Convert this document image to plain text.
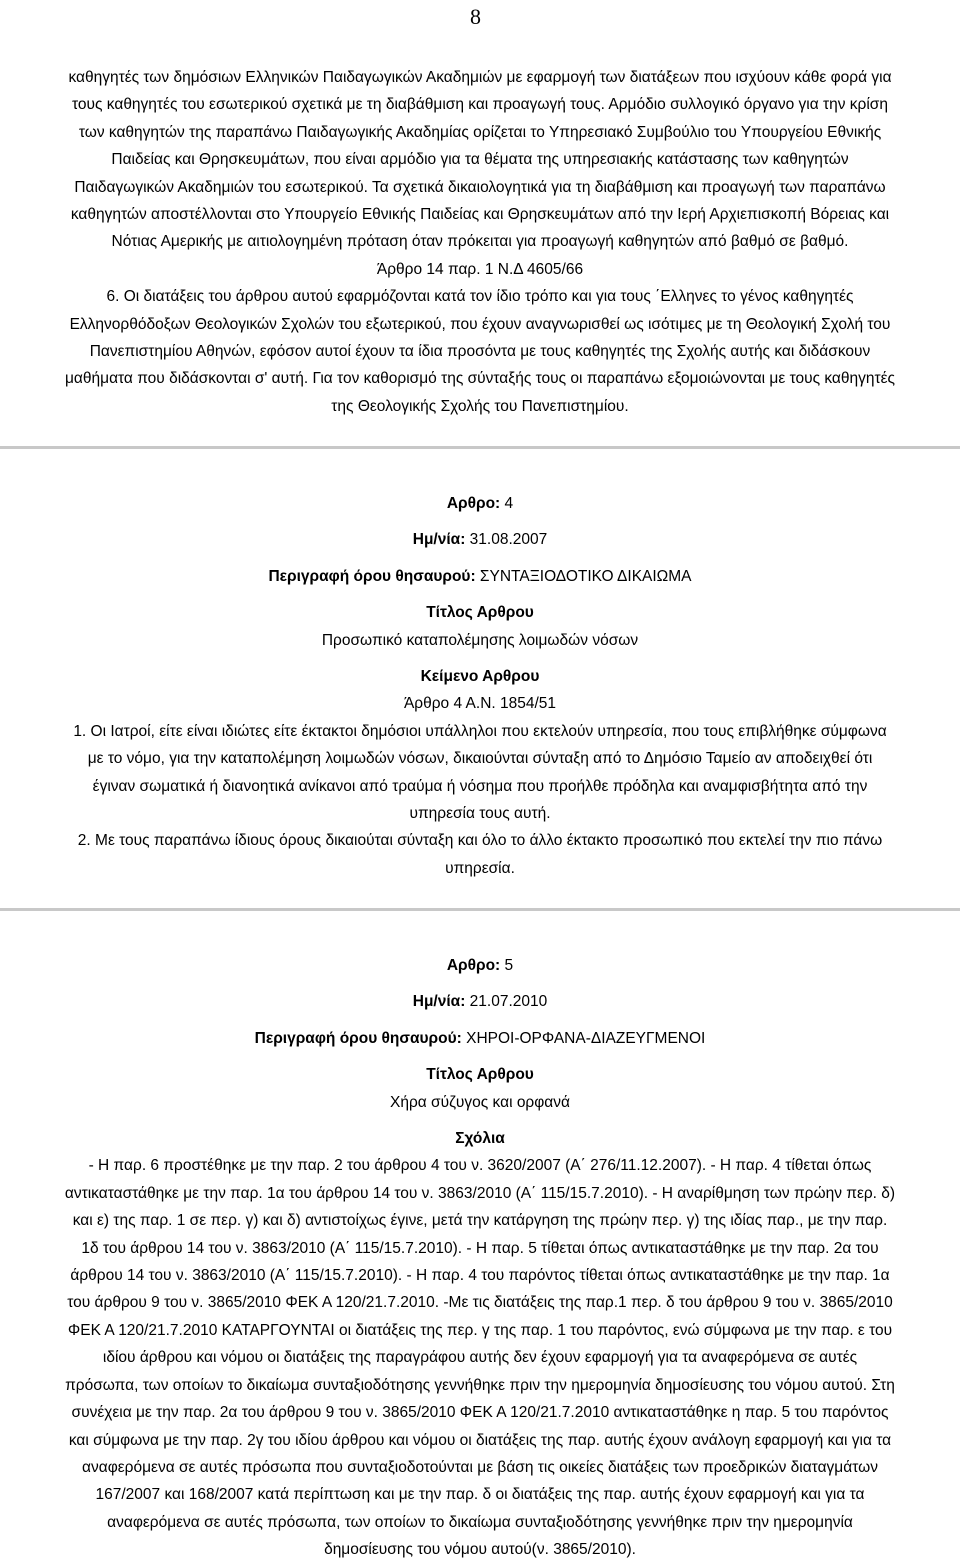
8
καθηγητές των δημόσιων Ελληνικών Παιδαγωγικών Ακαδημιών με εφαρμογή των διατάξεων που ισχύουν κάθε φορά για
τους καθηγητές του εσωτερικού σχετικά με τη διαβάθμιση και προαγωγή τους. Αρμόδιο συλλογικό όργανο για την κρίση
των καθηγητών της παραπάνω Παιδαγωγικής Ακαδημίας ορίζεται το Υπηρεσιακό Συμβούλιο του Υπουργείου Εθνικής
Παιδείας και Θρησκευμάτων, που είναι αρμόδιο για τα θέματα της υπηρεσιακής κατάστασης των καθηγητών
Παιδαγωγικών Ακαδημιών του εσωτερικού. Τα σχετικά δικαιολογητικά για τη διαβάθμιση και προαγωγή των παραπάνω
καθηγητών αποστέλλονται στο Υπουργείο Εθνικής Παιδείας και Θρησκευμάτων από την Ιερή Αρχιεπισκοπή Βόρειας και
Νότιας Αμερικής με αιτιολογημένη πρόταση όταν πρόκειται για προαγωγή καθηγητών από βαθμό σε βαθμό.
Άρθρο 14 παρ. 1 Ν.Δ 4605/66
6. Οι διατάξεις του άρθρου αυτού εφαρμόζονται κατά τον ίδιο τρόπο και για τους ΄Ελληνες το γένος καθηγητές
Ελληνορθόδοξων Θεολογικών Σχολών του εξωτερικού, που έχουν αναγνωρισθεί ως ισότιμες με τη Θεολογική Σχολή του
Πανεπιστημίου Αθηνών, εφόσον αυτοί έχουν τα ίδια προσόντα με τους καθηγητές της Σχολής αυτής και διδάσκουν
μαθήματα που διδάσκονται σ' αυτή. Για τον καθορισμό της σύνταξής τους οι παραπάνω εξομοιώνονται με τους καθηγητές
της Θεολογικής Σχολής του Πανεπιστημίου.
Αρθρο: 4
Ημ/νία: 31.08.2007
Περιγραφή όρου θησαυρού: ΣΥΝΤΑΞΙΟΔΟΤΙΚΟ ΔΙΚΑΙΩΜΑ
Τίτλος Αρθρου
Προσωπικό καταπολέμησης λοιμωδών νόσων
Κείμενο Αρθρου
Άρθρο 4 Α.Ν. 1854/51
1. Οι Ιατροί, είτε είναι ιδιώτες είτε έκτακτοι δημόσιοι υπάλληλοι που εκτελούν υπηρεσία, που τους επιβλήθηκε σύμφωνα
με το νόμο, για την καταπολέμηση λοιμωδών νόσων, δικαιούνται σύνταξη από το Δημόσιο Ταμείο αν αποδειχθεί ότι
έγιναν σωματικά ή διανοητικά ανίκανοι από τραύμα ή νόσημα που προήλθε πρόδηλα και αναμφισβήτητα από την
υπηρεσία τους αυτή.
2. Με τους παραπάνω ίδιους όρους δικαιούται σύνταξη και όλο το άλλο έκτακτο προσωπικό που εκτελεί την πιο πάνω
υπηρεσία.
Αρθρο: 5
Ημ/νία: 21.07.2010
Περιγραφή όρου θησαυρού: ΧΗΡΟΙ-ΟΡΦΑΝΑ-ΔΙΑΖΕΥΓΜΕΝΟΙ
Τίτλος Αρθρου
Χήρα σύζυγος και ορφανά
Σχόλια
- Η παρ. 6 προστέθηκε με την παρ. 2 του άρθρου 4 του ν. 3620/2007 (Α΄ 276/11.12.2007). - Η παρ. 4 τίθεται όπως
αντικαταστάθηκε με την παρ. 1α του άρθρου 14 του ν. 3863/2010 (Α΄ 115/15.7.2010). - Η αναρίθμηση των πρώην περ. δ)
και ε) της παρ. 1 σε περ. γ) και δ) αντιστοίχως έγινε, μετά την κατάργηση της πρώην περ. γ) της ιδίας παρ., με την παρ.
1δ του άρθρου 14 του ν. 3863/2010 (Α΄ 115/15.7.2010). - Η παρ. 5 τίθεται όπως αντικαταστάθηκε με την παρ. 2α του
άρθρου 14 του ν. 3863/2010 (Α΄ 115/15.7.2010). - Η παρ. 4 του παρόντος τίθεται όπως αντικαταστάθηκε με την παρ. 1α
του άρθρου 9 του ν. 3865/2010 ΦΕΚ Α 120/21.7.2010. -Με τις διατάξεις της παρ.1 περ. δ του άρθρου 9 του ν. 3865/2010
ΦΕΚ Α 120/21.7.2010 ΚΑΤΑΡΓΟΥΝΤΑΙ οι διατάξεις της περ. γ της παρ. 1 του παρόντος, ενώ σύμφωνα με την παρ. ε του
ιδίου άρθρου και νόμου οι διατάξεις της παραγράφου αυτής δεν έχουν εφαρμογή για τα αναφερόμενα σε αυτές
πρόσωπα, των οποίων το δικαίωμα συνταξιοδότησης γεννήθηκε πριν την ημερομηνία δημοσίευσης του νόμου αυτού. Στη
συνέχεια με την παρ. 2α του άρθρου 9 του ν. 3865/2010 ΦΕΚ Α 120/21.7.2010 αντικαταστάθηκε η παρ. 5 του παρόντος
και σύμφωνα με την παρ. 2γ του ιδίου άρθρου και νόμου οι διατάξεις της παρ. αυτής έχουν ανάλογη εφαρμογή και για τα
αναφερόμενα σε αυτές πρόσωπα που συνταξιοδοτούνται με βάση τις οικείες διατάξεις των προεδρικών διαταγμάτων
167/2007 και 168/2007 κατά περίπτωση και με την παρ. δ οι διατάξεις της παρ. αυτής έχουν εφαρμογή και για τα
αναφερόμενα σε αυτές πρόσωπα, των οποίων το δικαίωμα συνταξιοδότησης γεννήθηκε πριν την ημερομηνία
δημοσίευσης του νόμου αυτού(ν. 3865/2010).
